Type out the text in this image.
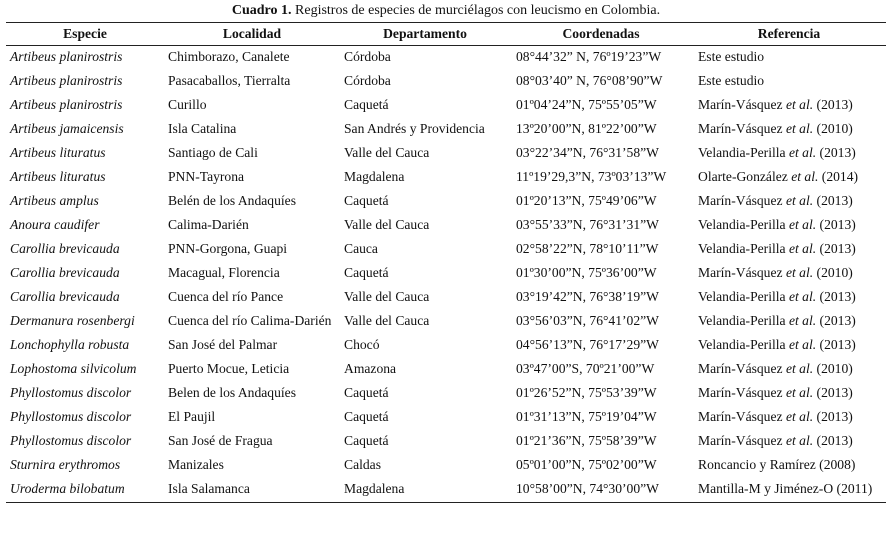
Cuadro 1. Registros de especies de murciélagos con leucismo en Colombia.
Especie	Localidad	Departamento	Coordenadas	Referencia
Artibeus planirostris	Chimborazo, Canalete	Córdoba	08°44’32” N, 76º19’23”W	Este estudio
Artibeus planirostris	Pasacaballos, Tierralta	Córdoba	08°03’40” N, 76°08’90”W	Este estudio
Artibeus planirostris	Curillo	Caquetá	01º04’24”N, 75º55’05”W	Marín-Vásquez et al. (2013)
Artibeus jamaicensis	Isla Catalina	San Andrés y Providencia	13º20’00”N, 81º22’00”W	Marín-Vásquez et al. (2010)
Artibeus lituratus	Santiago de Cali	Valle del Cauca	03°22’34”N, 76°31’58”W	Velandia-Perilla et al. (2013)
Artibeus lituratus	PNN-Tayrona	Magdalena	11º19’29,3”N, 73º03’13”W	Olarte-González et al. (2014)
Artibeus amplus	Belén de los Andaquíes	Caquetá	01º20’13”N, 75º49’06”W	Marín-Vásquez et al. (2013)
Anoura caudifer	Calima-Darién	Valle del Cauca	03°55’33”N, 76°31’31”W	Velandia-Perilla et al. (2013)
Carollia brevicauda	PNN-Gorgona, Guapi	Cauca	02°58’22”N, 78°10’11”W	Velandia-Perilla et al. (2013)
Carollia brevicauda	Macagual, Florencia	Caquetá	01º30’00”N, 75º36’00”W	Marín-Vásquez et al. (2010)
Carollia brevicauda	Cuenca del río Pance	Valle del Cauca	03°19’42”N, 76°38’19”W	Velandia-Perilla et al. (2013)
Dermanura rosenbergi	Cuenca del río Calima-Darién	Valle del Cauca	03°56’03”N, 76°41’02”W	Velandia-Perilla et al. (2013)
Lonchophylla robusta	San José del Palmar	Chocó	04°56’13”N, 76°17’29”W	Velandia-Perilla et al. (2013)
Lophostoma silvicolum	Puerto Mocue, Leticia	Amazona	03º47’00”S, 70º21’00”W	Marín-Vásquez et al. (2010)
Phyllostomus discolor	Belen de los Andaquíes	Caquetá	01º26’52”N, 75º53’39”W	Marín-Vásquez et al. (2013)
Phyllostomus discolor	El Paujil	Caquetá	01º31’13”N, 75º19’04”W	Marín-Vásquez et al. (2013)
Phyllostomus discolor	San José de Fragua	Caquetá	01º21’36”N, 75º58’39”W	Marín-Vásquez et al. (2013)
Sturnira erythromos	Manizales	Caldas	05º01’00”N, 75º02’00”W	Roncancio y Ramírez (2008)
Uroderma bilobatum	Isla Salamanca	Magdalena	10°58’00”N, 74°30’00”W	Mantilla-M y Jiménez-O (2011)
